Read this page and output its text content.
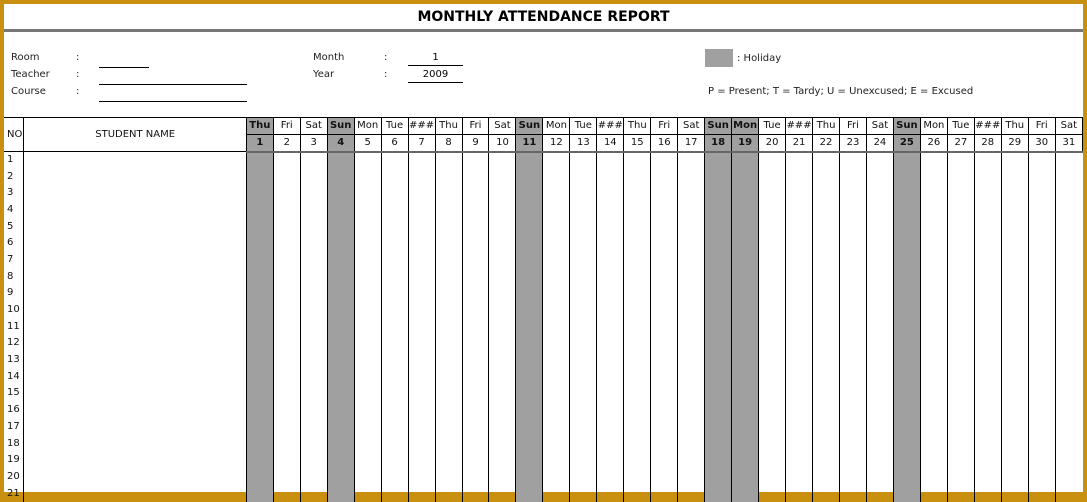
MONTHLY ATTENDANCE REPORT
Room	:
Teacher	:
Course	:
Month	:	1
Year	:	2009
: Holiday
P = Present; T = Tardy; U = Unexcused; E = Excused
NO	STUDENT NAME	Thu	Fri	Sat	Sun	Mon	Tue	###	Thu	Fri	Sat	Sun	Mon	Tue	###	Thu	Fri	Sat	Sun	Mon	Tue	###	Thu	Fri	Sat	Sun	Mon	Tue	###	Thu	Fri	Sat
		1	2	3	4	5	6	7	8	9	10	11	12	13	14	15	16	17	18	19	20	21	22	23	24	25	26	27	28	29	30	31
1																																
2																																
3																																
4																																
5																																
6																																
7																																
8																																
9																																
10																																
11																																
12																																
13																																
14																																
15																																
16																																
17																																
18																																
19																																
20																																
21																																
